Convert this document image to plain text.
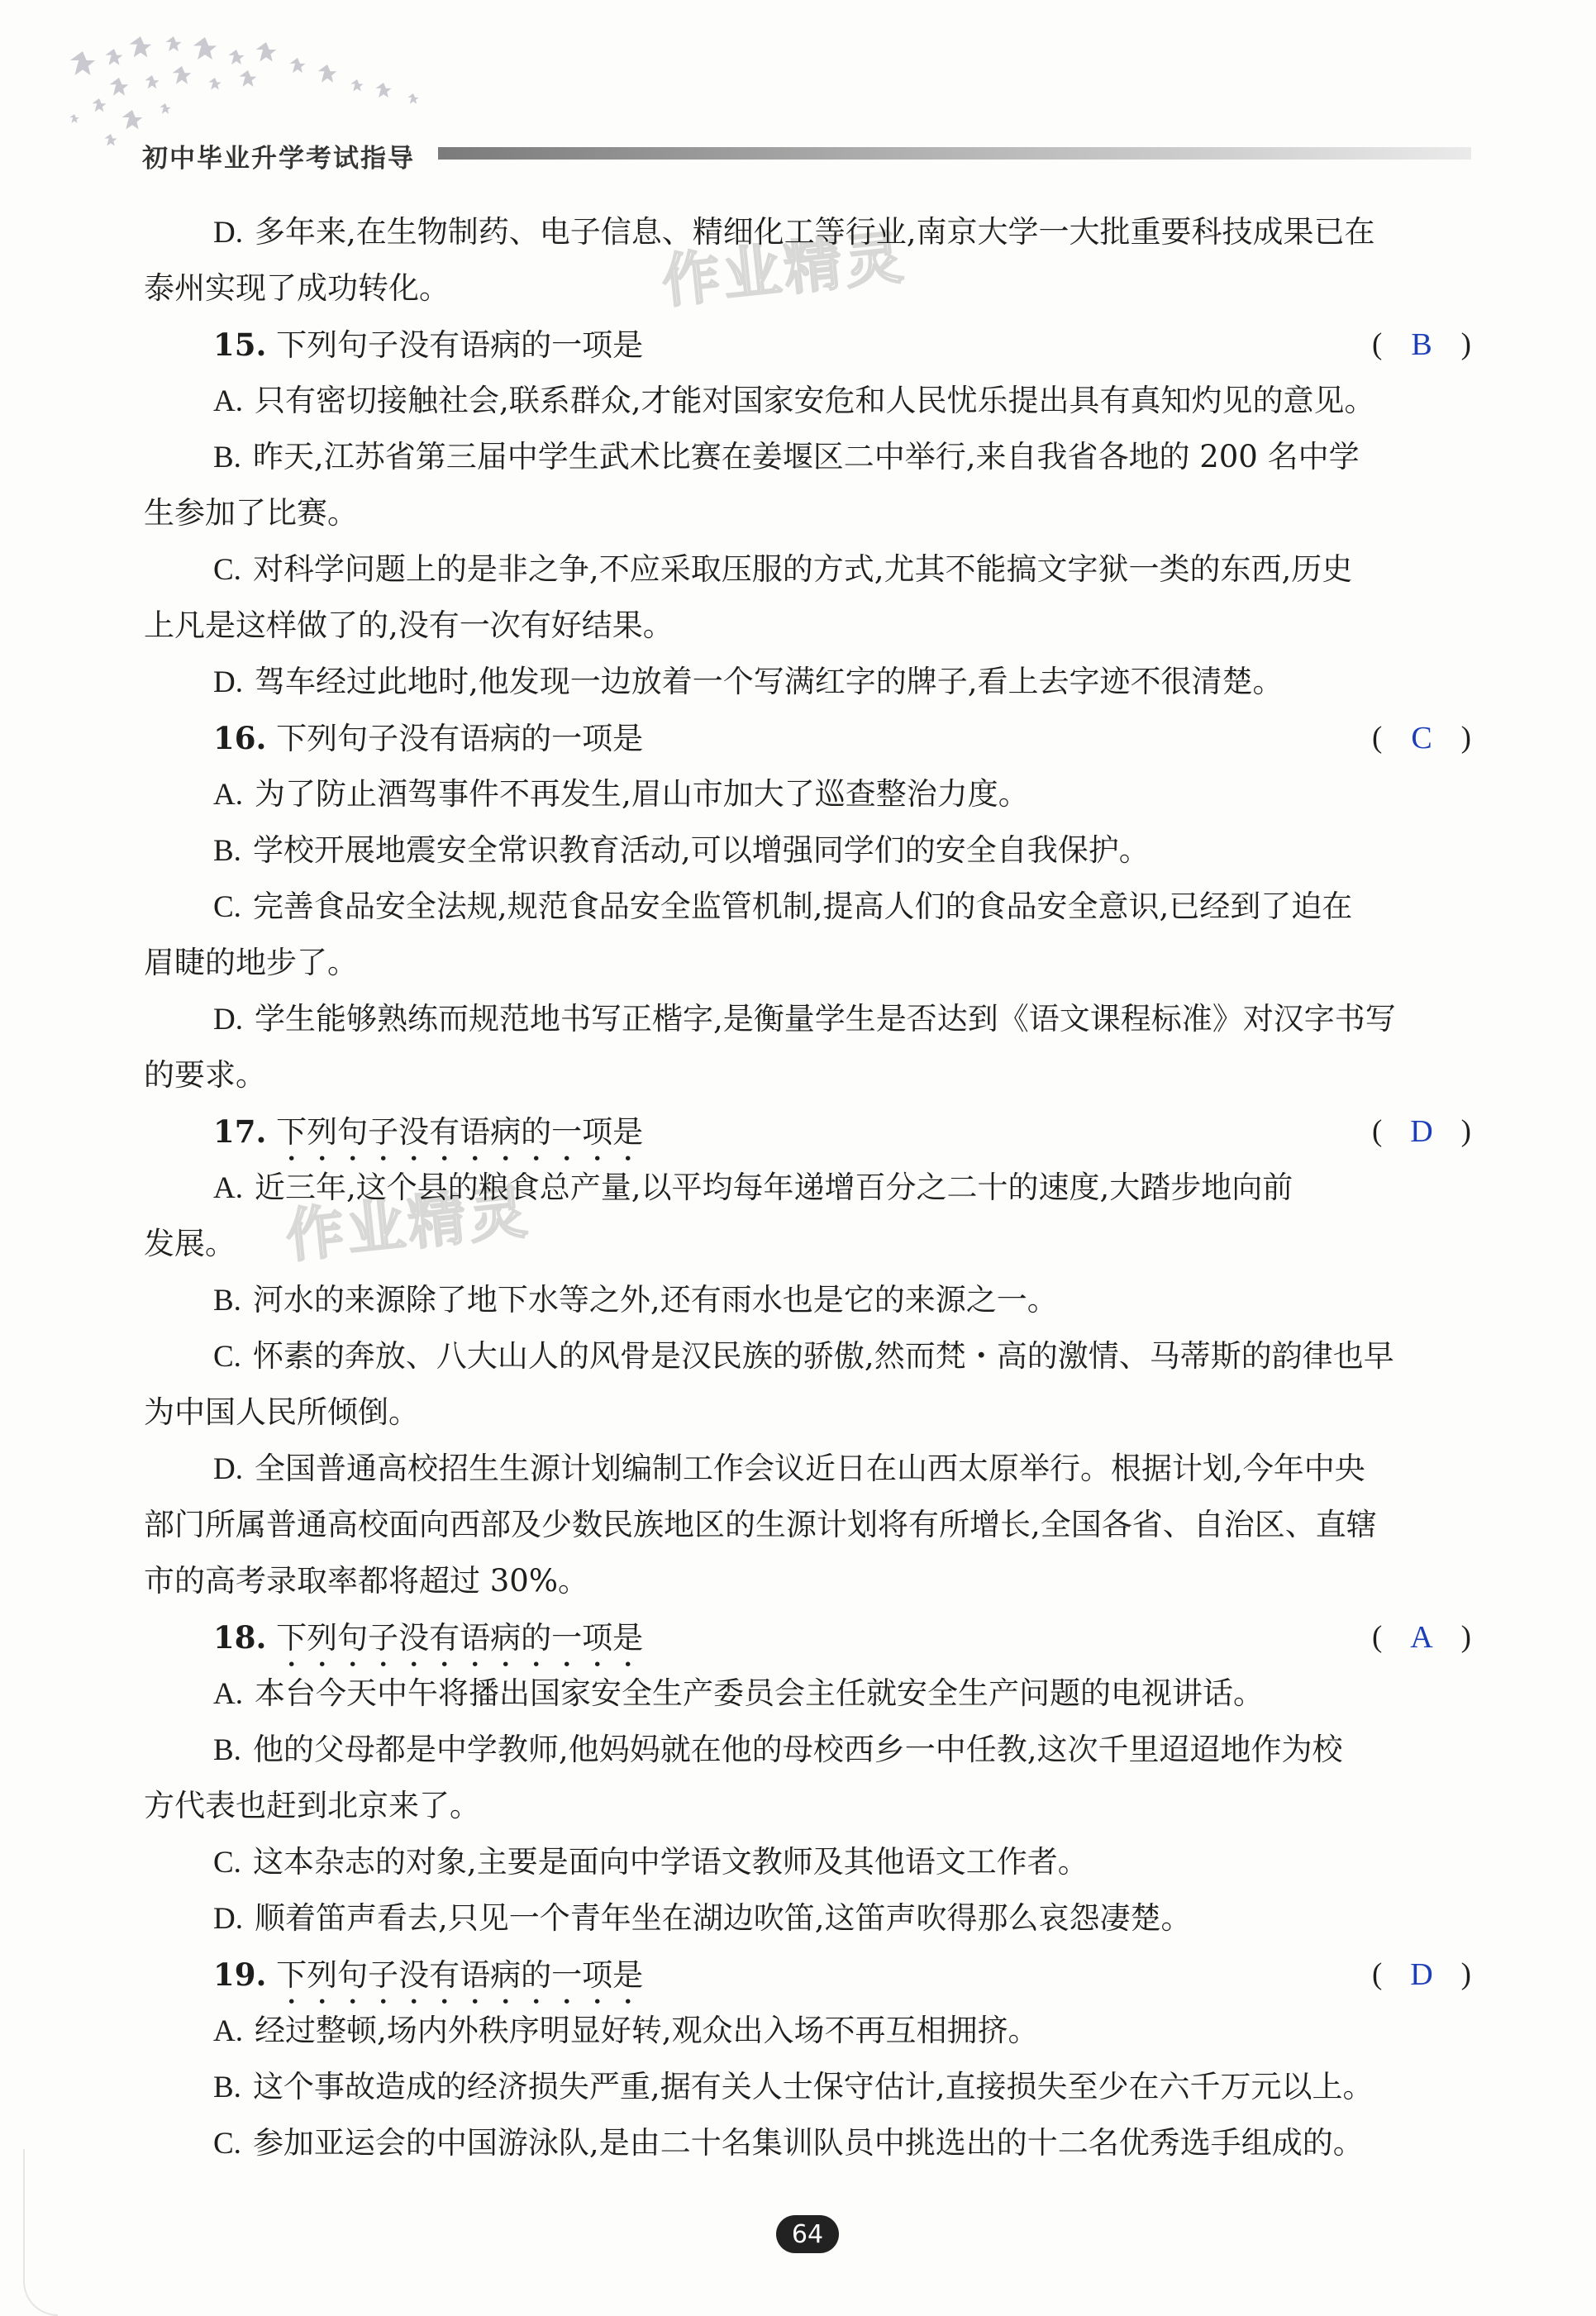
初中毕业升学考试指导
作业精灵
作业精灵
D. 多年来,在生物制药、电子信息、精细化工等行业,南京大学一大批重要科技成果已在
泰州实现了成功转化。
15. 下列句子没有语病的一项是	( B )
A. 只有密切接触社会,联系群众,才能对国家安危和人民忧乐提出具有真知灼见的意见。
B. 昨天,江苏省第三届中学生武术比赛在姜堰区二中举行,来自我省各地的 200 名中学
生参加了比赛。
C. 对科学问题上的是非之争,不应采取压服的方式,尤其不能搞文字狱一类的东西,历史
上凡是这样做了的,没有一次有好结果。
D. 驾车经过此地时,他发现一边放着一个写满红字的牌子,看上去字迹不很清楚。
16. 下列句子没有语病的一项是	( C )
A. 为了防止酒驾事件不再发生,眉山市加大了巡查整治力度。
B. 学校开展地震安全常识教育活动,可以增强同学们的安全自我保护。
C. 完善食品安全法规,规范食品安全监管机制,提高人们的食品安全意识,已经到了迫在
眉睫的地步了。
D. 学生能够熟练而规范地书写正楷字,是衡量学生是否达到《语文课程标准》对汉字书写
的要求。
17. 下列句子没有语病的一项是	( D )
A. 近三年,这个县的粮食总产量,以平均每年递增百分之二十的速度,大踏步地向前
发展。
B. 河水的来源除了地下水等之外,还有雨水也是它的来源之一。
C. 怀素的奔放、八大山人的风骨是汉民族的骄傲,然而梵・高的激情、马蒂斯的韵律也早
为中国人民所倾倒。
D. 全国普通高校招生生源计划编制工作会议近日在山西太原举行。根据计划,今年中央
部门所属普通高校面向西部及少数民族地区的生源计划将有所增长,全国各省、自治区、直辖
市的高考录取率都将超过 30%。
18. 下列句子没有语病的一项是	( A )
A. 本台今天中午将播出国家安全生产委员会主任就安全生产问题的电视讲话。
B. 他的父母都是中学教师,他妈妈就在他的母校西乡一中任教,这次千里迢迢地作为校
方代表也赶到北京来了。
C. 这本杂志的对象,主要是面向中学语文教师及其他语文工作者。
D. 顺着笛声看去,只见一个青年坐在湖边吹笛,这笛声吹得那么哀怨凄楚。
19. 下列句子没有语病的一项是	( D )
A. 经过整顿,场内外秩序明显好转,观众出入场不再互相拥挤。
B. 这个事故造成的经济损失严重,据有关人士保守估计,直接损失至少在六千万元以上。
C. 参加亚运会的中国游泳队,是由二十名集训队员中挑选出的十二名优秀选手组成的。
64
